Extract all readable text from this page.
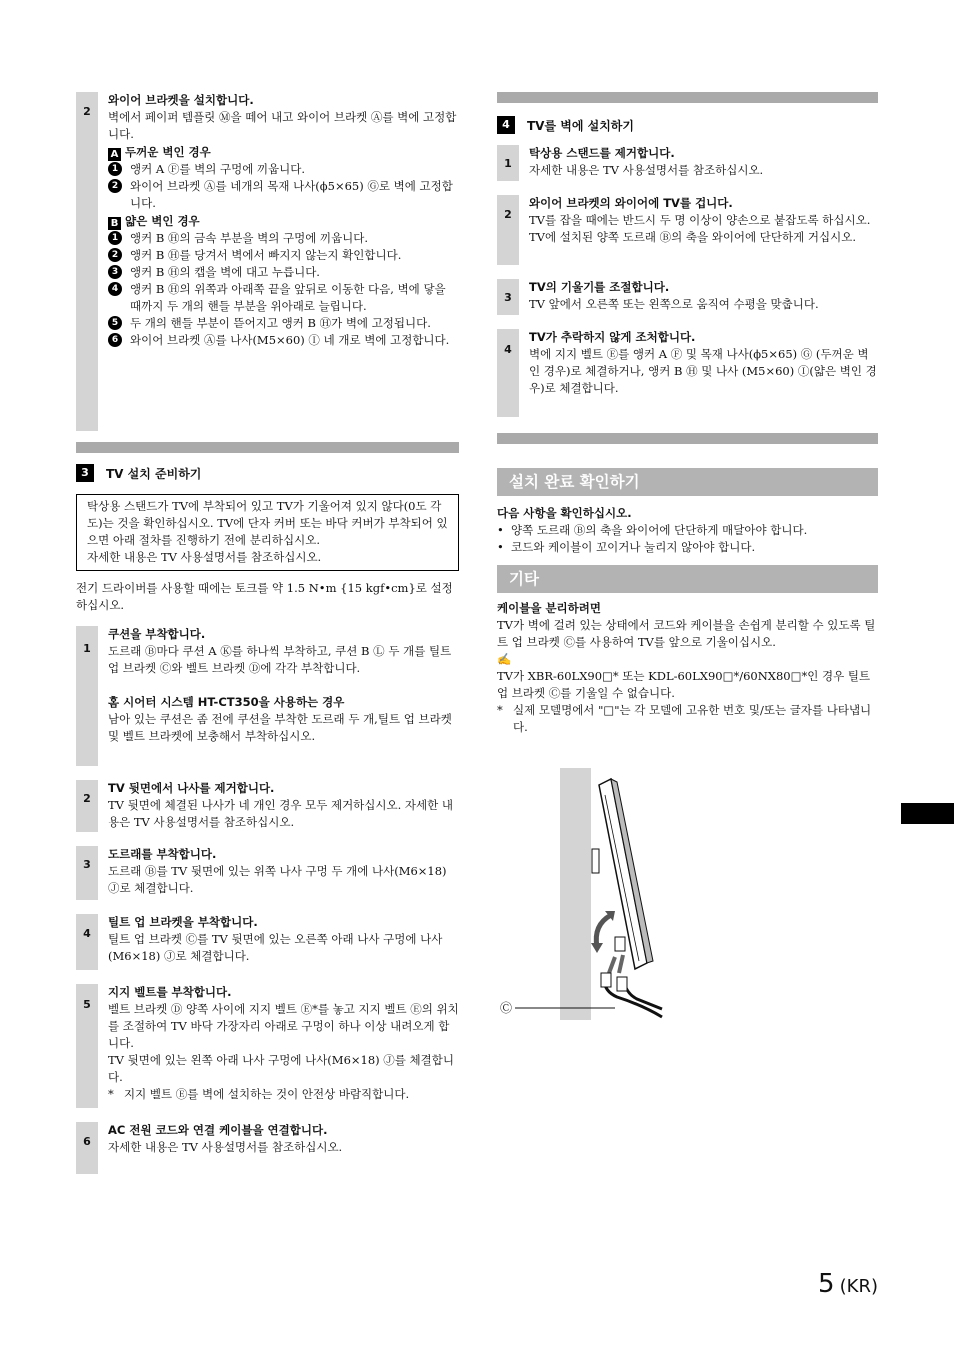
2
와이어 브라켓을 설치합니다.
벽에서 페이퍼 템플릿 Ⓜ을 떼어 내고 와이어 브라켓 Ⓐ를 벽에 고정합니다.
A 두꺼운 벽인 경우
1	앵커 A Ⓕ를 벽의 구멍에 끼웁니다.
2	와이어 브라켓 Ⓐ를 네개의 목재 나사(ϕ5×65) Ⓖ로 벽에 고정합니다.
B 얇은 벽인 경우
1	앵커 B Ⓗ의 금속 부분을 벽의 구멍에 끼웁니다.
2	앵커 B Ⓗ를 당겨서 벽에서 빠지지 않는지 확인합니다.
3	앵커 B Ⓗ의 캡을 벽에 대고 누릅니다.
4	앵커 B Ⓗ의 위쪽과 아래쪽 끝을 앞뒤로 이동한 다음, 벽에 닿을 때까지 두 개의 핸들 부분을 위아래로 늘립니다.
5	두 개의 핸들 부분이 뜯어지고 앵커 B Ⓗ가 벽에 고정됩니다.
6	와이어 브라켓 Ⓐ를 나사(M5×60) Ⓘ 네 개로 벽에 고정합니다.
3	TV 설치 준비하기
탁상용 스탠드가 TV에 부착되어 있고 TV가 기울어져 있지 않다(0도 각도)는 것을 확인하십시오. TV에 단자 커버 또는 바닥 커버가 부착되어 있으면 아래 절차를 진행하기 전에 분리하십시오.
자세한 내용은 TV 사용설명서를 참조하십시오.
전기 드라이버를 사용할 때에는 토크를 약 1.5 N•m {15 kgf•cm}로 설정하십시오.
1
쿠션을 부착합니다.
도르래 Ⓑ마다 쿠션 A Ⓚ를 하나씩 부착하고, 쿠션 B Ⓛ 두 개를 틸트 업 브라켓 Ⓒ와 벨트 브라켓 Ⓓ에 각각 부착합니다.
홈 시어터 시스템 HT-CT350을 사용하는 경우
남아 있는 쿠션은 좀 전에 쿠션을 부착한 도르래 두 개,틸트 업 브라켓 및 벨트 브라켓에 보충해서 부착하십시오.
2
TV 뒷면에서 나사를 제거합니다.
TV 뒷면에 체결된 나사가 네 개인 경우 모두 제거하십시오. 자세한 내용은 TV 사용설명서를 참조하십시오.
3
도르래를 부착합니다.
도르래 Ⓑ를 TV 뒷면에 있는 위쪽 나사 구멍 두 개에 나사(M6×18) Ⓙ로 체결합니다.
4
틸트 업 브라켓을 부착합니다.
틸트 업 브라켓 Ⓒ를 TV 뒷면에 있는 오른쪽 아래 나사 구멍에 나사(M6×18) Ⓙ로 체결합니다.
5
지지 벨트를 부착합니다.
벨트 브라켓 Ⓓ 양쪽 사이에 지지 벨트 Ⓔ*를 놓고 지지 벨트 Ⓔ의 위치를 조절하여 TV 바닥 가장자리 아래로 구멍이 하나 이상 내려오게 합니다.
TV 뒷면에 있는 왼쪽 아래 나사 구멍에 나사(M6×18) Ⓙ를 체결합니다.
* 지지 벨트 Ⓔ를 벽에 설치하는 것이 안전상 바람직합니다.
6
AC 전원 코드와 연결 케이블을 연결합니다.
자세한 내용은 TV 사용설명서를 참조하십시오.
4	TV를 벽에 설치하기
1
탁상용 스탠드를 제거합니다.
자세한 내용은 TV 사용설명서를 참조하십시오.
2
와이어 브라켓의 와이어에 TV를 겁니다.
TV를 잡을 때에는 반드시 두 명 이상이 양손으로 붙잡도록 하십시오. TV에 설치된 양쪽 도르래 Ⓑ의 축을 와이어에 단단하게 거십시오.
3
TV의 기울기를 조절합니다.
TV 앞에서 오른쪽 또는 왼쪽으로 움직여 수평을 맞춥니다.
4
TV가 추락하지 않게 조처합니다.
벽에 지지 벨트 Ⓔ를 앵커 A Ⓕ 및 목재 나사(ϕ5×65) Ⓖ (두꺼운 벽인 경우)로 체결하거나, 앵커 B Ⓗ 및 나사 (M5×60) Ⓘ(얇은 벽인 경우)로 체결합니다.
설치 완료 확인하기
다음 사항을 확인하십시오.
• 양쪽 도르래 Ⓑ의 축을 와이어에 단단하게 매달아야 합니다.
• 코드와 케이블이 꼬이거나 눌리지 않아야 합니다.
기타
케이블을 분리하려면
TV가 벽에 걸려 있는 상태에서 코드와 케이블을 손쉽게 분리할 수 있도록 틸트 업 브라켓 Ⓒ를 사용하여 TV를 앞으로 기울이십시오.
✍
TV가 XBR-60LX90□* 또는 KDL-60LX90□*/60NX80□*인 경우 틸트 업 브라켓 Ⓒ를 기울일 수 없습니다.
* 실제 모델명에서 "□"는 각 모델에 고유한 번호 및/또는 글자를 나타냅니다.
Ⓒ
5 (KR)
